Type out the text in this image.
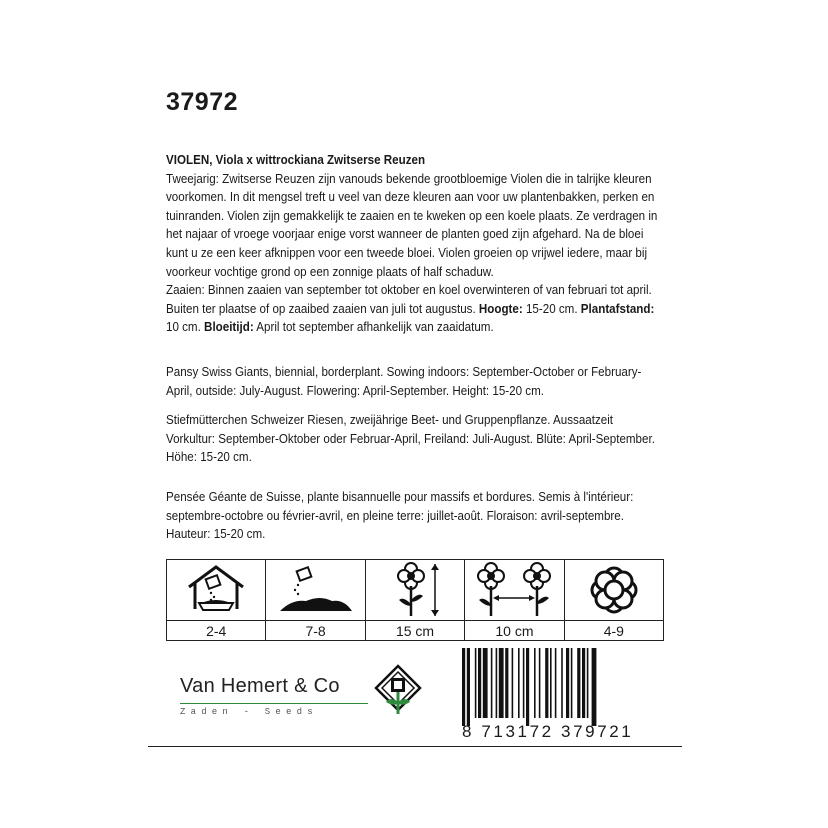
37972
VIOLEN, Viola x wittrockiana Zwitserse Reuzen
Tweejarig: Zwitserse Reuzen zijn vanouds bekende grootbloemige Violen die in talrijke kleuren voorkomen. In dit mengsel treft u veel van deze kleuren aan voor uw plantenbakken, perken en tuinranden. Violen zijn gemakkelijk te zaaien en te kweken op een koele plaats. Ze verdragen in het najaar of vroege voorjaar enige vorst wanneer de planten goed zijn afgehard. Na de bloei kunt u ze een keer afknippen voor een tweede bloei. Violen groeien op vrijwel iedere, maar bij voorkeur vochtige grond op een zonnige plaats of half schaduw.
Zaaien: Binnen zaaien van september tot oktober en koel overwinteren of van februari tot april. Buiten ter plaatse of op zaaibed zaaien van juli tot augustus. Hoogte: 15-20 cm. Plantafstand: 10 cm. Bloeitijd: April tot september afhankelijk van zaaidatum.
Pansy Swiss Giants, biennial, borderplant. Sowing indoors: September-October or February-April, outside: July-August. Flowering: April-September. Height: 15-20 cm.
Stiefmütterchen Schweizer Riesen, zweijährige Beet- und Gruppenpflanze. Aussaatzeit Vorkultur: September-Oktober oder Februar-April, Freiland: Juli-August. Blüte: April-September. Höhe: 15-20 cm.
Pensée Géante de Suisse, plante bisannuelle pour massifs et bordures. Semis à l'intérieur: septembre-octobre ou février-avril, en pleine terre: juillet-août. Floraison: avril-septembre. Hauteur: 15-20 cm.
2-4	7-8	15 cm	10 cm	4-9
Van Hemert & Co
Zaden - Seeds
8 713172 379721
